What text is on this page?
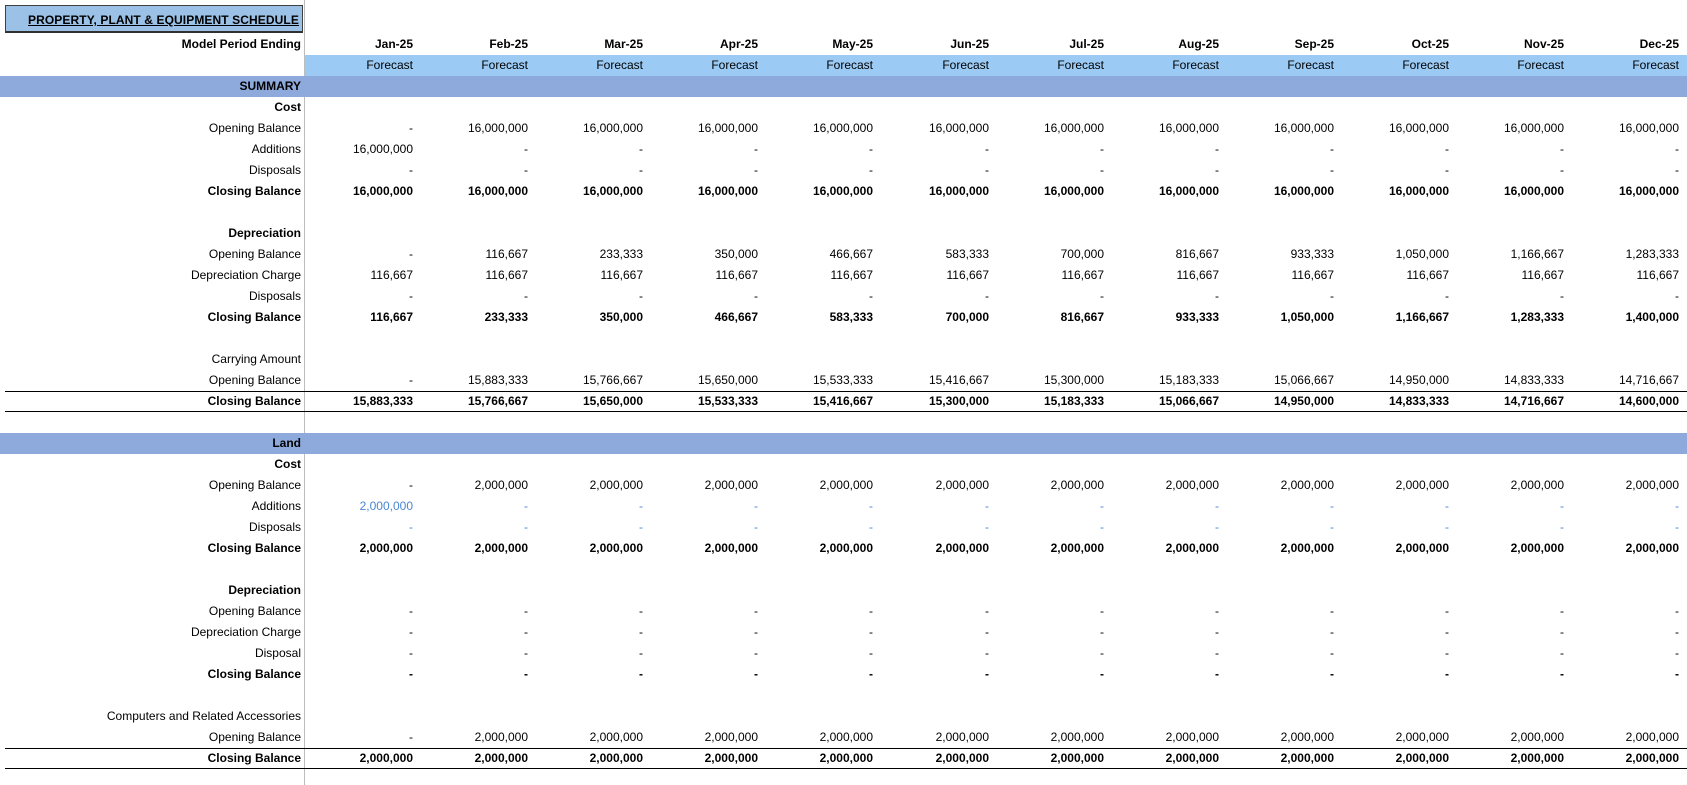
PROPERTY, PLANT & EQUIPMENT SCHEDULE
Model Period Ending	Jan-25	Feb-25	Mar-25	Apr-25	May-25	Jun-25	Jul-25	Aug-25	Sep-25	Oct-25	Nov-25	Dec-25
Forecast	Forecast	Forecast	Forecast	Forecast	Forecast	Forecast	Forecast	Forecast	Forecast	Forecast	Forecast
SUMMARY
Cost
Opening Balance	-	16,000,000	16,000,000	16,000,000	16,000,000	16,000,000	16,000,000	16,000,000	16,000,000	16,000,000	16,000,000	16,000,000
Additions	16,000,000	-	-	-	-	-	-	-	-	-	-	-
Disposals	-	-	-	-	-	-	-	-	-	-	-	-
Closing Balance	16,000,000	16,000,000	16,000,000	16,000,000	16,000,000	16,000,000	16,000,000	16,000,000	16,000,000	16,000,000	16,000,000	16,000,000
Depreciation
Opening Balance	-	116,667	233,333	350,000	466,667	583,333	700,000	816,667	933,333	1,050,000	1,166,667	1,283,333
Depreciation Charge	116,667	116,667	116,667	116,667	116,667	116,667	116,667	116,667	116,667	116,667	116,667	116,667
Disposals	-	-	-	-	-	-	-	-	-	-	-	-
Closing Balance	116,667	233,333	350,000	466,667	583,333	700,000	816,667	933,333	1,050,000	1,166,667	1,283,333	1,400,000
Carrying Amount
Opening Balance	-	15,883,333	15,766,667	15,650,000	15,533,333	15,416,667	15,300,000	15,183,333	15,066,667	14,950,000	14,833,333	14,716,667
Closing Balance	15,883,333	15,766,667	15,650,000	15,533,333	15,416,667	15,300,000	15,183,333	15,066,667	14,950,000	14,833,333	14,716,667	14,600,000
Land
Cost
Opening Balance	-	2,000,000	2,000,000	2,000,000	2,000,000	2,000,000	2,000,000	2,000,000	2,000,000	2,000,000	2,000,000	2,000,000
Additions	2,000,000	-	-	-	-	-	-	-	-	-	-	-
Disposals	-	-	-	-	-	-	-	-	-	-	-	-
Closing Balance	2,000,000	2,000,000	2,000,000	2,000,000	2,000,000	2,000,000	2,000,000	2,000,000	2,000,000	2,000,000	2,000,000	2,000,000
Depreciation
Opening Balance	-	-	-	-	-	-	-	-	-	-	-	-
Depreciation Charge	-	-	-	-	-	-	-	-	-	-	-	-
Disposal	-	-	-	-	-	-	-	-	-	-	-	-
Closing Balance	-	-	-	-	-	-	-	-	-	-	-	-
Computers and Related Accessories
Opening Balance	-	2,000,000	2,000,000	2,000,000	2,000,000	2,000,000	2,000,000	2,000,000	2,000,000	2,000,000	2,000,000	2,000,000
Closing Balance	2,000,000	2,000,000	2,000,000	2,000,000	2,000,000	2,000,000	2,000,000	2,000,000	2,000,000	2,000,000	2,000,000	2,000,000
